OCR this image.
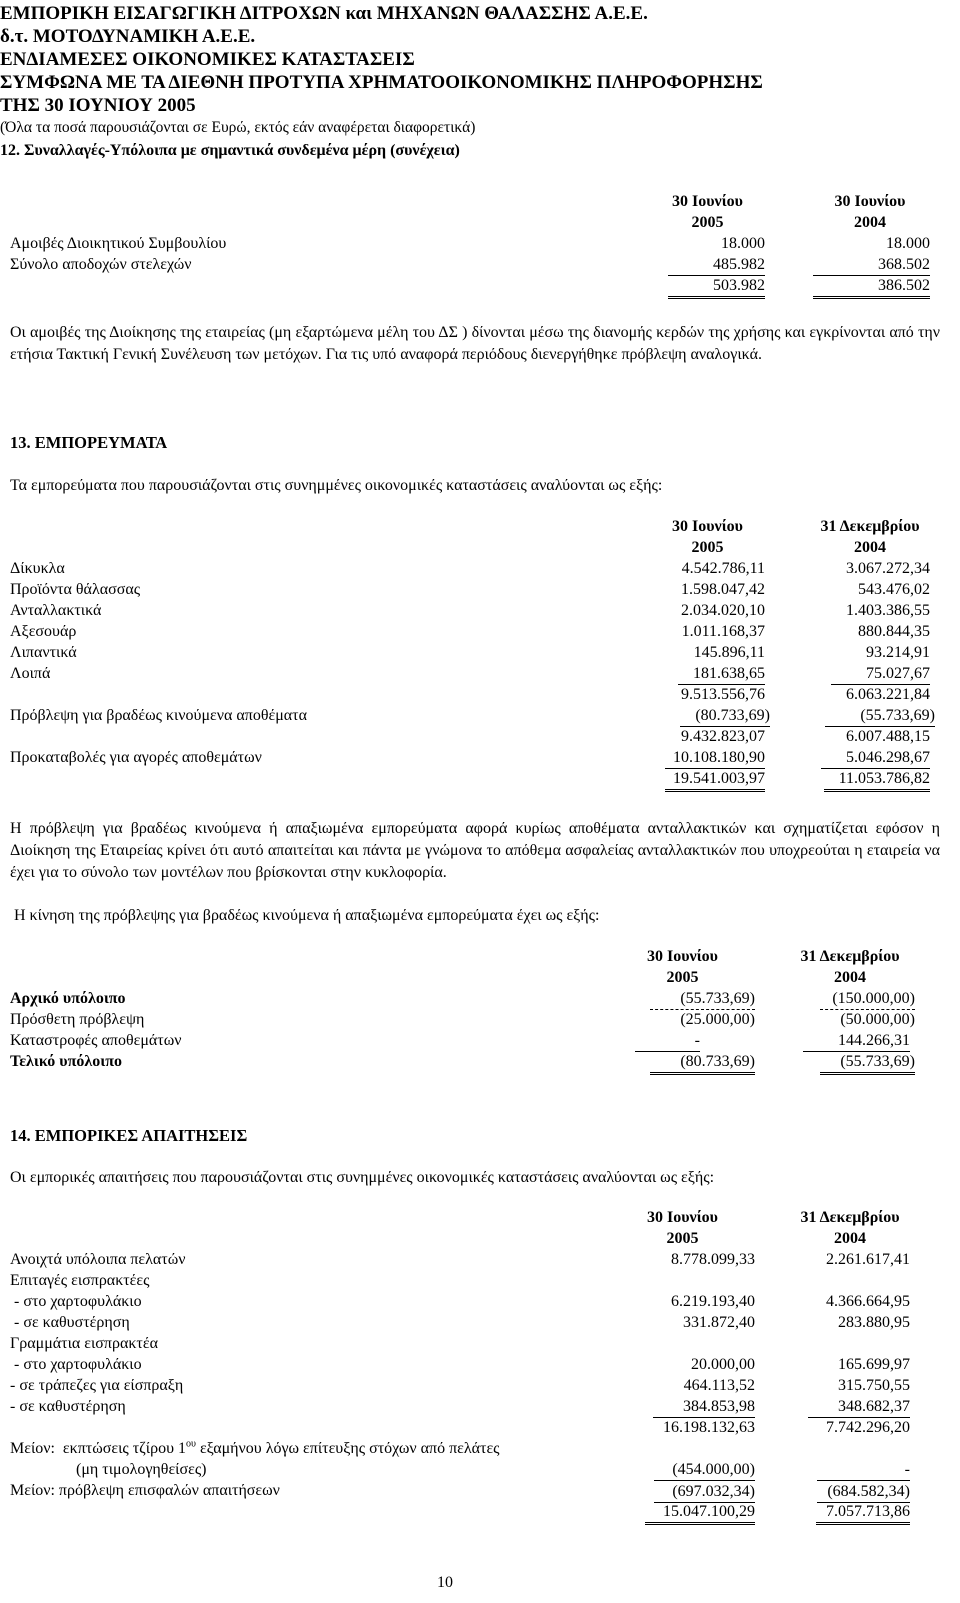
ΕΜΠΟΡΙΚΗ ΕΙΣΑΓΩΓΙΚΗ ΔΙΤΡΟΧΩΝ και ΜΗΧΑΝΩΝ ΘΑΛΑΣΣΗΣ Α.Ε.Ε.
δ.τ. ΜΟΤΟΔΥΝΑΜΙΚΗ Α.Ε.Ε.
ΕΝΔΙΑΜΕΣΕΣ ΟΙΚΟΝΟΜΙΚΕΣ ΚΑΤΑΣΤΑΣΕΙΣ
ΣΥΜΦΩΝΑ ΜΕ ΤΑ ΔΙΕΘΝΗ ΠΡΟΤΥΠΑ ΧΡΗΜΑΤΟΟΙΚΟΝΟΜΙΚΗΣ ΠΛΗΡΟΦΟΡΗΣΗΣ
ΤΗΣ 30 ΙΟΥΝΙΟΥ 2005
(Όλα τα ποσά παρουσιάζονται σε Ευρώ, εκτός εάν αναφέρεται διαφορετικά)
12. Συναλλαγές-Υπόλοιπα με σημαντικά συνδεμένα μέρη (συνέχεια)
30 Ιουνίου	30 Ιουνίου
2005	2004
Αμοιβές Διοικητικού Συμβουλίου	18.000	18.000
Σύνολο αποδοχών στελεχών	485.982	368.502
503.982	386.502
Οι αμοιβές της Διοίκησης της εταιρείας (μη εξαρτώμενα μέλη του ΔΣ ) δίνονται μέσω της διανομής κερδών της χρήσης και εγκρίνονται από την ετήσια Τακτική Γενική Συνέλευση των μετόχων. Για τις υπό αναφορά περιόδους διενεργήθηκε πρόβλεψη αναλογικά.
13. ΕΜΠΟΡΕΥΜΑΤΑ
Τα εμπορεύματα που παρουσιάζονται στις συνημμένες οικονομικές καταστάσεις αναλύονται ως εξής:
30 Ιουνίου	31 Δεκεμβρίου
2005	2004
Δίκυκλα	4.542.786,11	3.067.272,34
Προϊόντα θάλασσας	1.598.047,42	543.476,02
Ανταλλακτικά	2.034.020,10	1.403.386,55
Αξεσουάρ	1.011.168,37	880.844,35
Λιπαντικά	145.896,11	93.214,91
Λοιπά	181.638,65	75.027,67
9.513.556,76	6.063.221,84
Πρόβλεψη για βραδέως κινούμενα αποθέματα	(80.733,69)	(55.733,69)
9.432.823,07	6.007.488,15
Προκαταβολές για αγορές αποθεμάτων	10.108.180,90	5.046.298,67
19.541.003,97	11.053.786,82
Η πρόβλεψη για βραδέως κινούμενα ή απαξιωμένα εμπορεύματα αφορά κυρίως αποθέματα ανταλλακτικών και σχηματίζεται εφόσον η Διοίκηση της Εταιρείας κρίνει ότι αυτό απαιτείται και πάντα με γνώμονα το απόθεμα ασφαλείας ανταλλακτικών που υποχρεούται η εταιρεία να έχει για το σύνολο των μοντέλων που βρίσκονται στην κυκλοφορία.
Η κίνηση της πρόβλεψης για βραδέως κινούμενα ή απαξιωμένα εμπορεύματα έχει ως εξής:
30 Ιουνίου	31 Δεκεμβρίου
2005	2004
Αρχικό υπόλοιπο	(55.733,69)	(150.000,00)
Πρόσθετη πρόβλεψη	(25.000,00)	(50.000,00)
Καταστροφές αποθεμάτων	-	144.266,31
Τελικό υπόλοιπο	(80.733,69)	(55.733,69)
14. ΕΜΠΟΡΙΚΕΣ ΑΠΑΙΤΗΣΕΙΣ
Οι εμπορικές απαιτήσεις που παρουσιάζονται στις συνημμένες οικονομικές καταστάσεις αναλύονται ως εξής:
30 Ιουνίου	31 Δεκεμβρίου
2005	2004
Ανοιχτά υπόλοιπα πελατών	8.778.099,33	2.261.617,41
Επιταγές εισπρακτέες
- στο χαρτοφυλάκιο	6.219.193,40	4.366.664,95
- σε καθυστέρηση	331.872,40	283.880,95
Γραμμάτια εισπρακτέα
- στο χαρτοφυλάκιο	20.000,00	165.699,97
- σε τράπεζες για είσπραξη	464.113,52	315.750,55
- σε καθυστέρηση	384.853,98	348.682,37
16.198.132,63	7.742.296,20
Μείον:  εκπτώσεις τζίρου $1^{o\upsilon}$ εξαμήνου λόγω επίτευξης στόχων από πελάτες
(μη τιμολογηθείσες)	(454.000,00)	-
Μείον: πρόβλεψη επισφαλών απαιτήσεων	(697.032,34)	(684.582,34)
15.047.100,29	7.057.713,86
10
